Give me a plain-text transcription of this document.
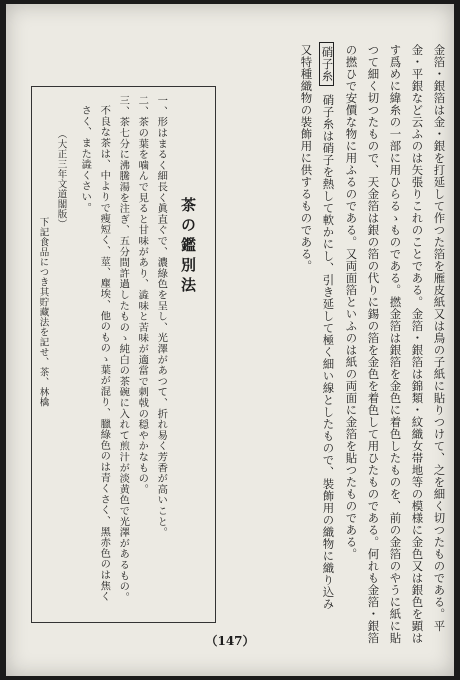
金箔・銀箔は金・銀を打延して作つた箔を雁皮紙又は鳥の子紙に貼りつけて、之を細く切つたものである。平
金・平銀など云ふのは矢張りこれのことである。金箔・銀箔は錦類・紋織女帯地等の模様に金色又は銀色を顕は
す爲めに緯糸の一部に用ひらるゝものである。撚金箔は銀箔を金色に着色したものを、前の金箔のやうに紙に貼
つて細く切つたもので、天金箔は銀の箔の代りに錫の箔を金色を着色して用ひたものである。何れも金箔・銀箔
の撚ひで安價な物に用ふるのである。又両面箔といふのは紙の両面に金箔を貼つたものである。
硝子糸
硝子糸は硝子を熱して軟かにし、引き延して極く細い線としたもので、裝飾用の織物に織り込み
又特種織物の裝飾用に供するものである。
茶の鑑別法
一、形はまるく細長く眞直ぐで、濃綠色を呈し、光澤があつて、折れ易く芳香が高いこと。
二、茶の葉を噛んで見ると甘味があり、澁味と苦味が適當で刺戟の穏やかなもの。
三、茶七分に沸騰湯を注ぎ、五分間許過したものゝ純白の茶碗に入れて煎汁が淡黄色で光澤があるもの。
不良な茶は、中よりで痩短く、莖、塵埃、他のものゝ葉が混り、臘綠色のは青くさく、黑赤色のは焦く
さく、また澁くさい。
（大正三年文道閣版）
下記食品につき其貯藏法を記せ、茶、林檎
（147）
